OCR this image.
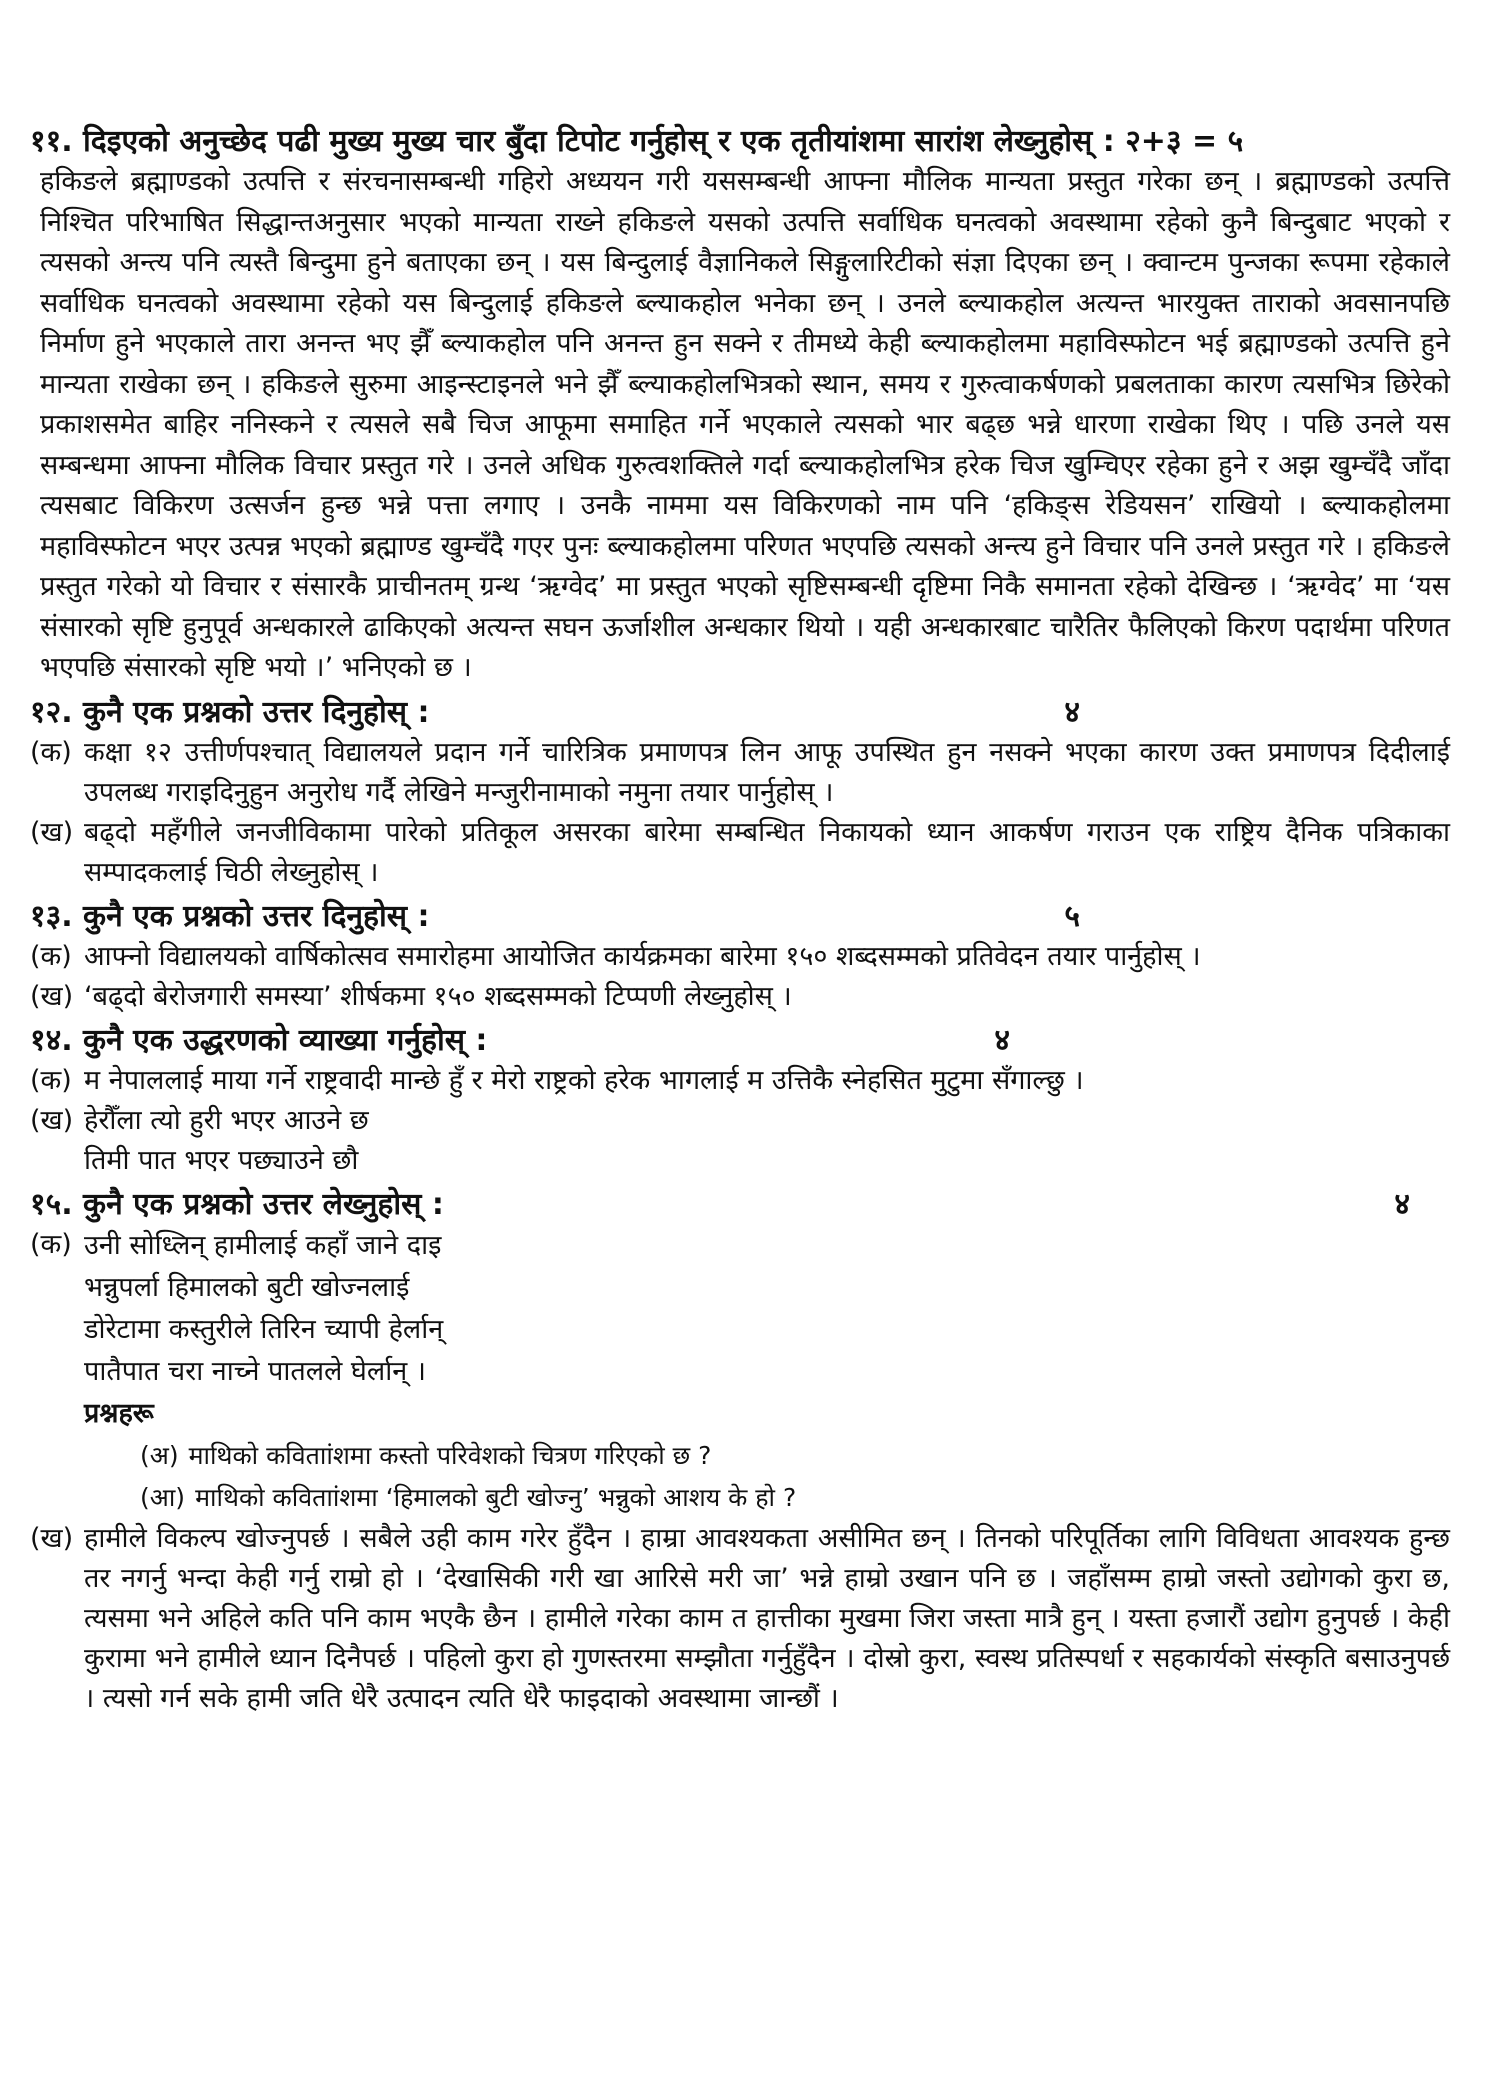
११. दिइएको अनुच्छेद पढी मुख्य मुख्य चार बुँदा टिपोट गर्नुहोस् र एक तृतीयांशमा सारांश लेख्नुहोस् : २+३ = ५

हकिङले ब्रह्माण्डको उत्पत्ति र संरचनासम्बन्धी गहिरो अध्ययन गरी यससम्बन्धी आफ्ना मौलिक मान्यता प्रस्तुत गरेका छन् । ब्रह्माण्डको उत्पत्ति निश्चित परिभाषित सिद्धान्तअनुसार भएको मान्यता राख्ने हकिङले यसको उत्पत्ति सर्वाधिक घनत्वको अवस्थामा रहेको कुनै बिन्दुबाट भएको र त्यसको अन्त्य पनि त्यस्तै बिन्दुमा हुने बताएका छन् । यस बिन्दुलाई वैज्ञानिकले सिङ्गुलारिटीको संज्ञा दिएका छन् । क्वान्टम पुन्जका रूपमा रहेकाले सर्वाधिक घनत्वको अवस्थामा रहेको यस बिन्दुलाई हकिङले ब्ल्याकहोल भनेका छन् । उनले ब्ल्याकहोल अत्यन्त भारयुक्त ताराको अवसानपछि निर्माण हुने भएकाले तारा अनन्त भए झैँ ब्ल्याकहोल पनि अनन्त हुन सक्ने र तीमध्ये केही ब्ल्याकहोलमा महाविस्फोटन भई ब्रह्माण्डको उत्पत्ति हुने मान्यता राखेका छन् । हकिङले सुरुमा आइन्स्टाइनले भने झैँ ब्ल्याकहोलभित्रको स्थान, समय र गुरुत्वाकर्षणको प्रबलताका कारण त्यसभित्र छिरेको प्रकाशसमेत बाहिर ननिस्कने र त्यसले सबै चिज आफूमा समाहित गर्ने भएकाले त्यसको भार बढ्छ भन्ने धारणा राखेका थिए । पछि उनले यस सम्बन्धमा आफ्ना मौलिक विचार प्रस्तुत गरे । उनले अधिक गुरुत्वशक्तिले गर्दा ब्ल्याकहोलभित्र हरेक चिज खुम्चिएर रहेका हुने र अझ खुम्चँदै जाँदा त्यसबाट विकिरण उत्सर्जन हुन्छ भन्ने पत्ता लगाए । उनकै नाममा यस विकिरणको नाम पनि ‘हकिङ्स रेडियसन’ राखियो । ब्ल्याकहोलमा महाविस्फोटन भएर उत्पन्न भएको ब्रह्माण्ड खुम्चँदै गएर पुनः ब्ल्याकहोलमा परिणत भएपछि त्यसको अन्त्य हुने विचार पनि उनले प्रस्तुत गरे । हकिङले प्रस्तुत गरेको यो विचार र संसारकै प्राचीनतम् ग्रन्थ ‘ऋग्वेद’ मा प्रस्तुत भएको सृष्टिसम्बन्धी दृष्टिमा निकै समानता रहेको देखिन्छ । ‘ऋग्वेद’ मा ‘यस संसारको सृष्टि हुनुपूर्व अन्धकारले ढाकिएको अत्यन्त सघन ऊर्जाशील अन्धकार थियो । यही अन्धकारबाट चारैतिर फैलिएको किरण पदार्थमा परिणत भएपछि संसारको सृष्टि भयो ।’ भनिएको छ ।

१२. कुनै एक प्रश्नको उत्तर दिनुहोस् :	४
(क) कक्षा १२ उत्तीर्णपश्चात् विद्यालयले प्रदान गर्ने चारित्रिक प्रमाणपत्र लिन आफू उपस्थित हुन नसक्ने भएका कारण उक्त प्रमाणपत्र दिदीलाई उपलब्ध गराइदिनुहुन अनुरोध गर्दै लेखिने मन्जुरीनामाको नमुना तयार पार्नुहोस् ।
(ख) बढ्दो महँगीले जनजीविकामा पारेको प्रतिकूल असरका बारेमा सम्बन्धित निकायको ध्यान आकर्षण गराउन एक राष्ट्रिय दैनिक पत्रिकाका सम्पादकलाई चिठी लेख्नुहोस् ।
१३. कुनै एक प्रश्नको उत्तर दिनुहोस् :	५
(क) आफ्नो विद्यालयको वार्षिकोत्सव समारोहमा आयोजित कार्यक्रमका बारेमा १५० शब्दसम्मको प्रतिवेदन तयार पार्नुहोस् ।
(ख) ‘बढ्दो बेरोजगारी समस्या’ शीर्षकमा १५० शब्दसम्मको टिप्पणी लेख्नुहोस् ।
१४. कुनै एक उद्धरणको व्याख्या गर्नुहोस् :	४
(क) म नेपाललाई माया गर्ने राष्ट्रवादी मान्छे हुँ र मेरो राष्ट्रको हरेक भागलाई म उत्तिकै स्नेहसित मुटुमा सँगाल्छु ।
(ख) हेरौँला त्यो हुरी भएर आउने छ
तिमी पात भएर पछ्याउने छौ
१५. कुनै एक प्रश्नको उत्तर लेख्नुहोस् :	४
(क) उनी सोध्लिन् हामीलाई कहाँ जाने दाइ
भन्नुपर्ला हिमालको बुटी खोज्नलाई
डोरेटामा कस्तुरीले तिरिन च्यापी हेर्लान्
पातैपात चरा नाच्ने पातलले घेर्लान् ।
प्रश्नहरू
(अ) माथिको कविताांशमा कस्तो परिवेशको चित्रण गरिएको छ ?
(आ) माथिको कविताांशमा ‘हिमालको बुटी खोज्नु’ भन्नुको आशय के हो ?
(ख) हामीले विकल्प खोज्नुपर्छ । सबैले उही काम गरेर हुँदैन । हाम्रा आवश्यकता असीमित छन् । तिनको परिपूर्तिका लागि विविधता आवश्यक हुन्छ तर नगर्नु भन्दा केही गर्नु राम्रो हो । ‘देखासिकी गरी खा आरिसे मरी जा’ भन्ने हाम्रो उखान पनि छ । जहाँसम्म हाम्रो जस्तो उद्योगको कुरा छ, त्यसमा भने अहिले कति पनि काम भएकै छैन । हामीले गरेका काम त हात्तीका मुखमा जिरा जस्ता मात्रै हुन् । यस्ता हजारौं उद्योग हुनुपर्छ । केही कुरामा भने हामीले ध्यान दिनैपर्छ । पहिलो कुरा हो गुणस्तरमा सम्झौता गर्नुहुँदैन । दोस्रो कुरा, स्वस्थ प्रतिस्पर्धा र सहकार्यको संस्कृति बसाउनुपर्छ । त्यसो गर्न सके हामी जति धेरै उत्पादन त्यति धेरै फाइदाको अवस्थामा जान्छौं ।
